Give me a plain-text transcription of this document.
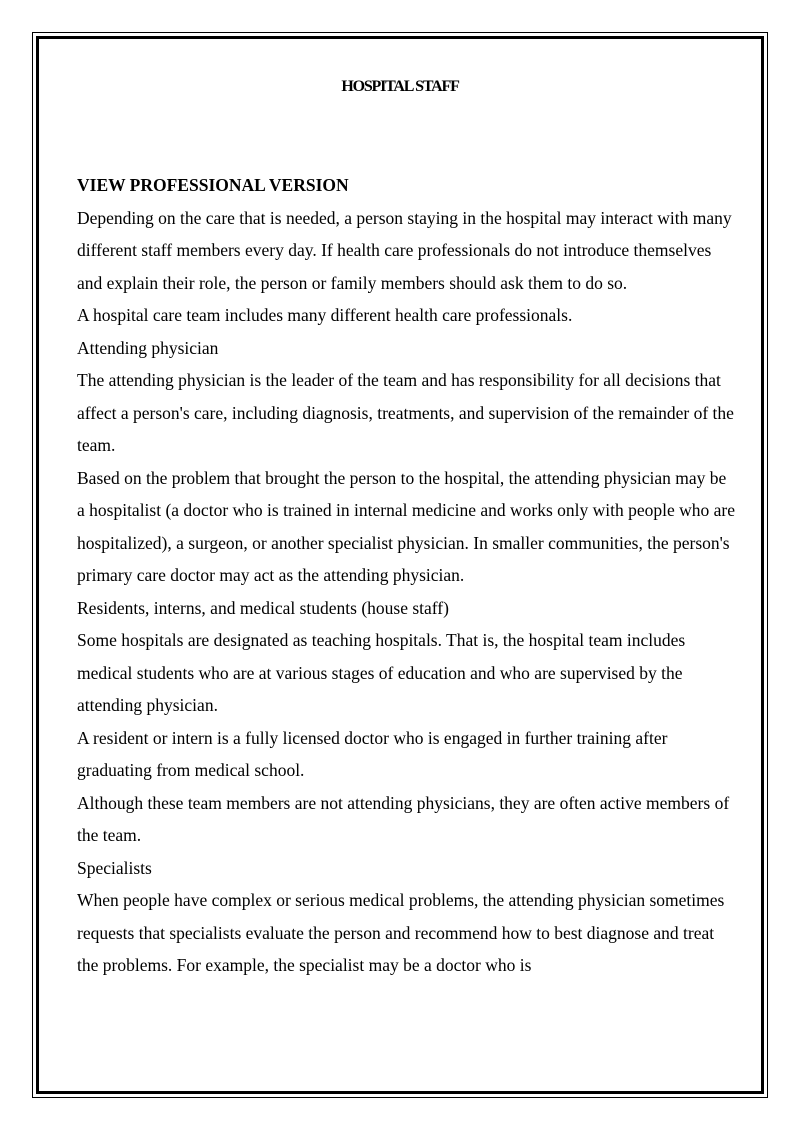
HOSPITAL STAFF

VIEW PROFESSIONAL VERSION

Depending on the care that is needed, a person staying in the hospital may interact with many different staff members every day. If health care professionals do not introduce themselves and explain their role, the person or family members should ask them to do so.

A hospital care team includes many different health care professionals.

Attending physician

The attending physician is the leader of the team and has responsibility for all decisions that affect a person's care, including diagnosis, treatments, and supervision of the remainder of the team.

Based on the problem that brought the person to the hospital, the attending physician may be a hospitalist (a doctor who is trained in internal medicine and works only with people who are hospitalized), a surgeon, or another specialist physician. In smaller communities, the person's primary care doctor may act as the attending physician.

Residents, interns, and medical students (house staff)

Some hospitals are designated as teaching hospitals. That is, the hospital team includes medical students who are at various stages of education and who are supervised by the attending physician.

A resident or intern is a fully licensed doctor who is engaged in further training after graduating from medical school.

Although these team members are not attending physicians, they are often active members of the team.

Specialists

When people have complex or serious medical problems, the attending physician sometimes requests that specialists evaluate the person and recommend how to best diagnose and treat the problems. For example, the specialist may be a doctor who is
